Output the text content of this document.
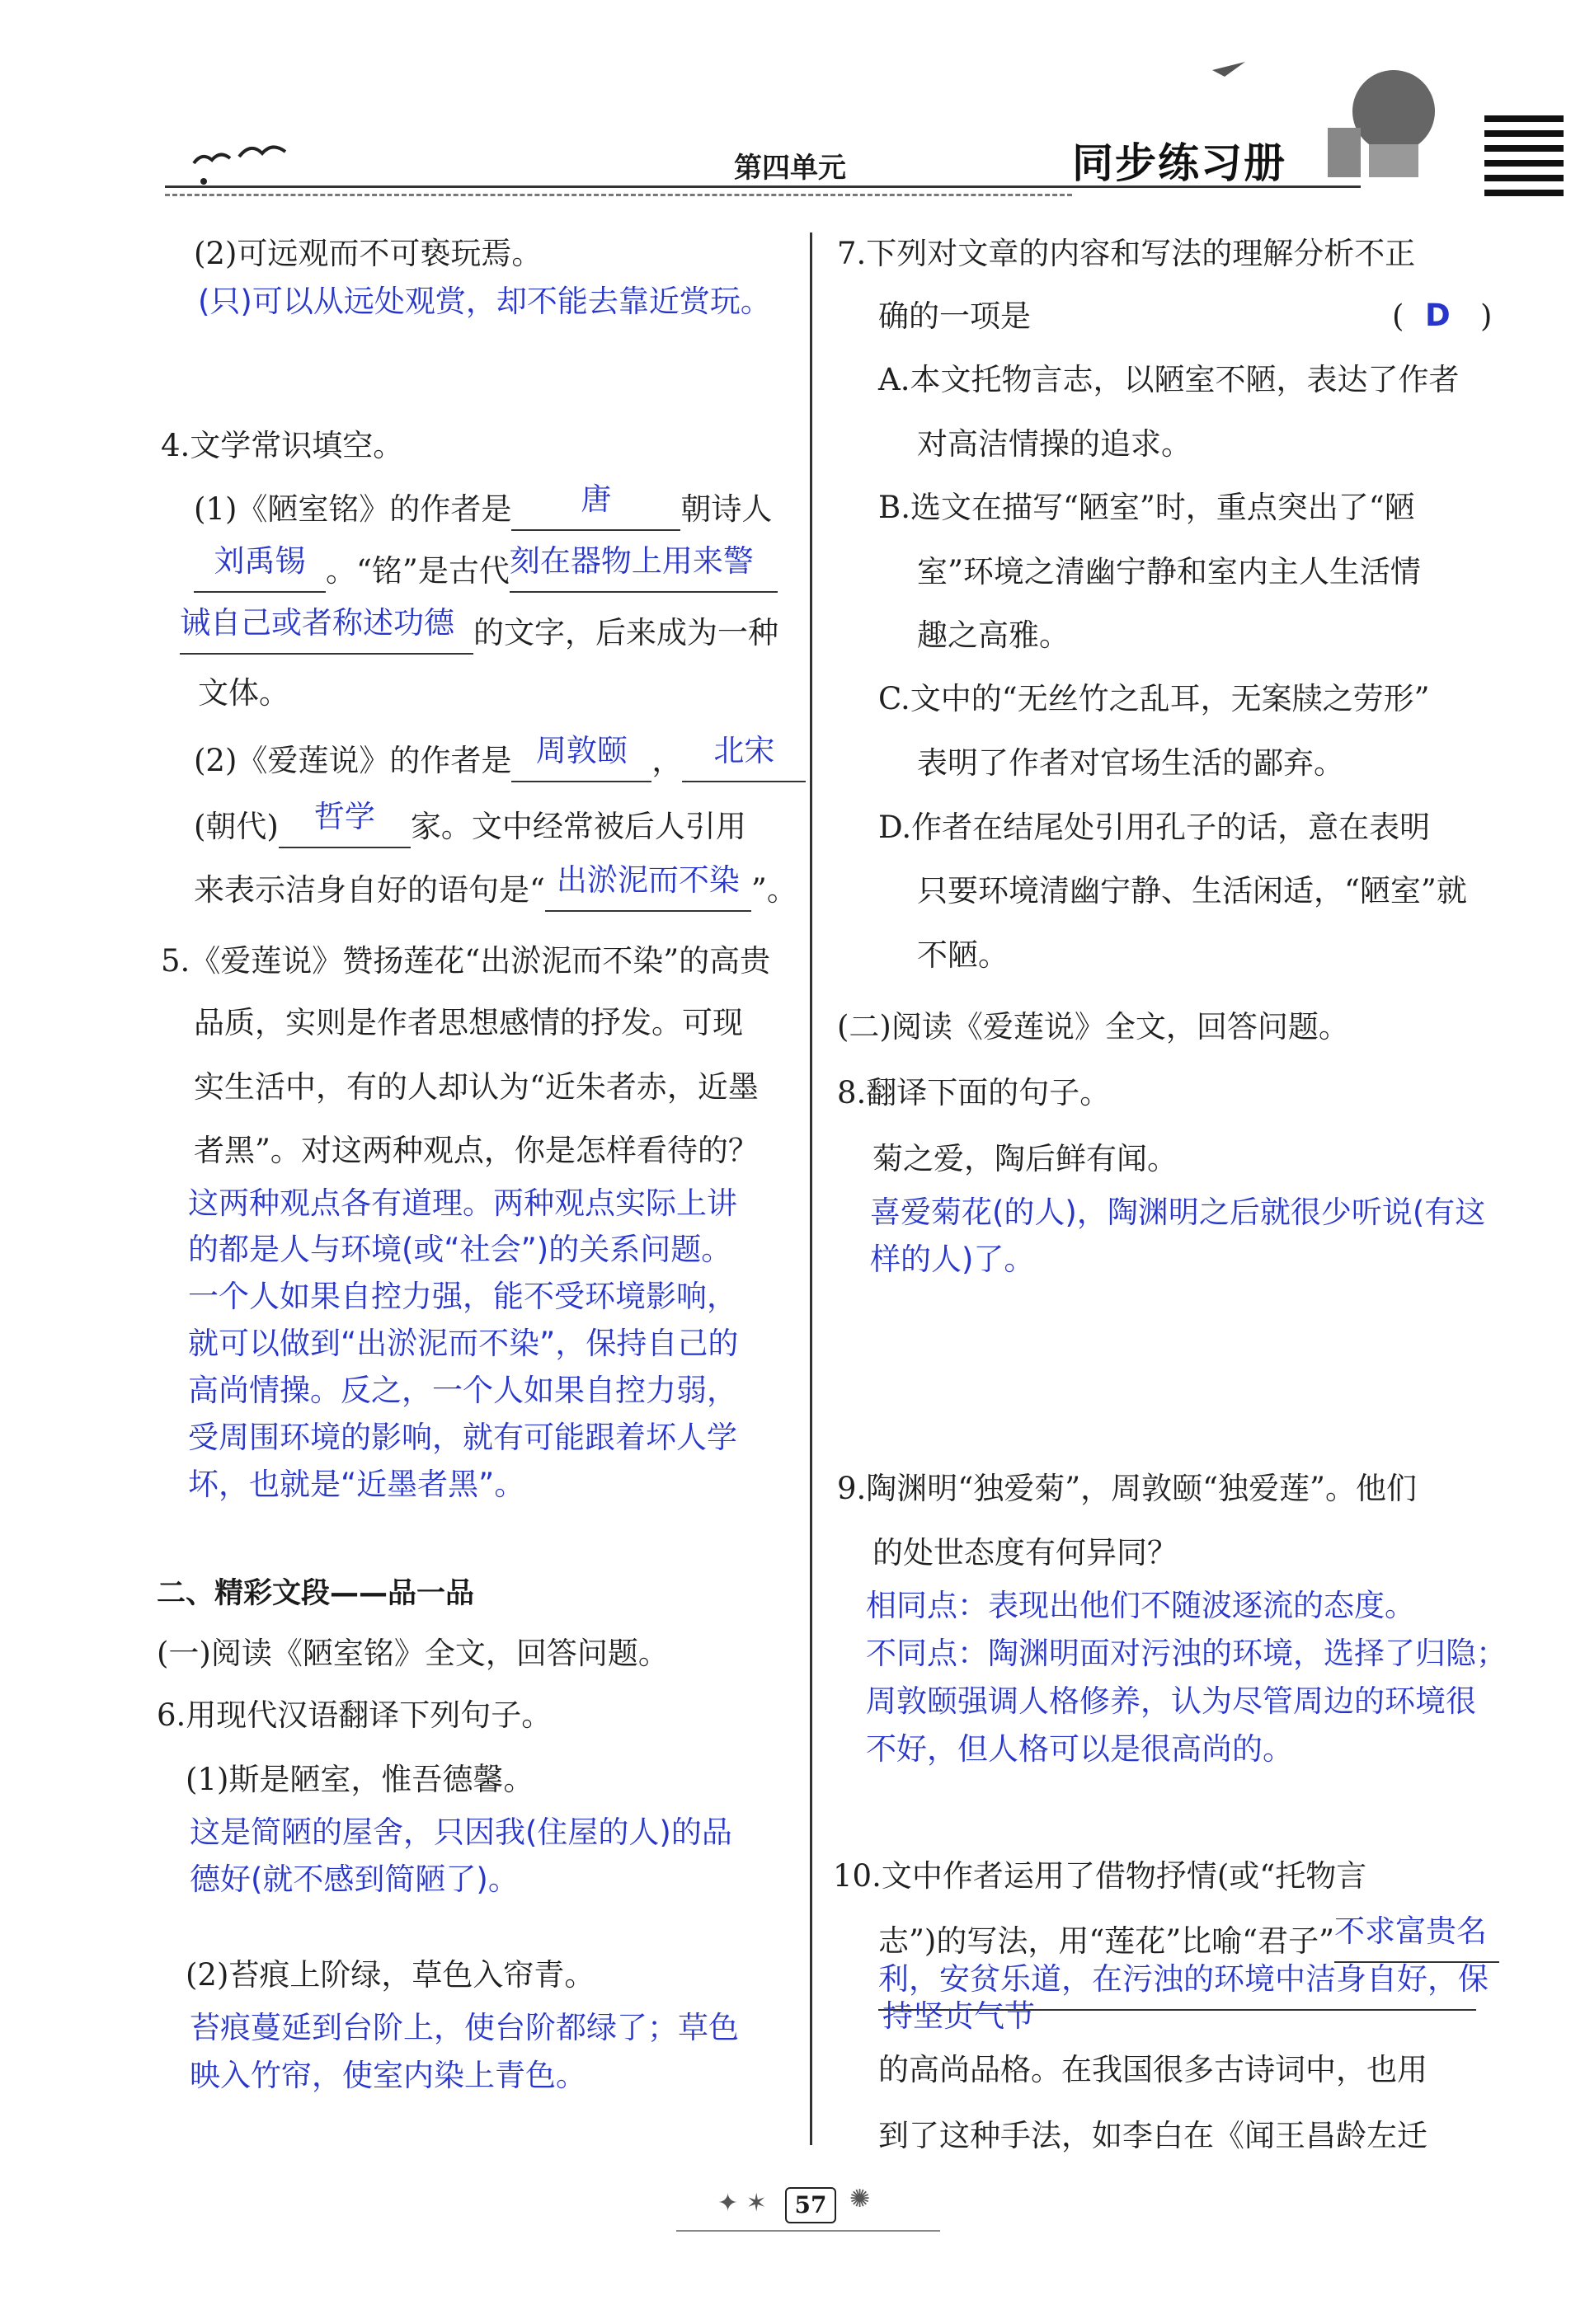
第四单元	同步练习册
(2)可远观而不可亵玩焉。
(只)可以从远处观赏，却不能去靠近赏玩。
4.文学常识填空。
(1)《陋室铭》的作者是 唐 朝诗人
刘禹锡 。“铭”是古代刻在器物上用来警
诫自己或者称述功德 的文字，后来成为一种
文体。
(2)《爱莲说》的作者是 周敦颐 ， 北宋
(朝代) 哲学 家。文中经常被后人引用
来表示洁身自好的语句是“ 出淤泥而不染 ”。
5.《爱莲说》赞扬莲花“出淤泥而不染”的高贵
品质，实则是作者思想感情的抒发。可现
实生活中，有的人却认为“近朱者赤，近墨
者黑”。对这两种观点，你是怎样看待的？
这两种观点各有道理。两种观点实际上讲
的都是人与环境(或“社会”)的关系问题。
一个人如果自控力强，能不受环境影响，
就可以做到“出淤泥而不染”，保持自己的
高尚情操。反之，一个人如果自控力弱，
受周围环境的影响，就有可能跟着坏人学
坏，也就是“近墨者黑”。
二、精彩文段——品一品
(一)阅读《陋室铭》全文，回答问题。
6.用现代汉语翻译下列句子。
(1)斯是陋室，惟吾德馨。
这是简陋的屋舍，只因我(住屋的人)的品
德好(就不感到简陋了)。
(2)苔痕上阶绿，草色入帘青。
苔痕蔓延到台阶上，使台阶都绿了；草色
映入竹帘，使室内染上青色。
7.下列对文章的内容和写法的理解分析不正
确的一项是	( D )
A.本文托物言志，以陋室不陋，表达了作者
对高洁情操的追求。
B.选文在描写“陋室”时，重点突出了“陋
室”环境之清幽宁静和室内主人生活情
趣之高雅。
C.文中的“无丝竹之乱耳，无案牍之劳形”
表明了作者对官场生活的鄙弃。
D.作者在结尾处引用孔子的话，意在表明
只要环境清幽宁静、生活闲适，“陋室”就
不陋。
(二)阅读《爱莲说》全文，回答问题。
8.翻译下面的句子。
菊之爱，陶后鲜有闻。
喜爱菊花(的人)，陶渊明之后就很少听说(有这
样的人)了。
9.陶渊明“独爱菊”，周敦颐“独爱莲”。他们
的处世态度有何异同？
相同点：表现出他们不随波逐流的态度。
不同点：陶渊明面对污浊的环境，选择了归隐；
周敦颐强调人格修养，认为尽管周边的环境很
不好，但人格可以是很高尚的。
10.文中作者运用了借物抒情(或“托物言
志”)的写法，用“莲花”比喻“君子”不求富贵名
利，安贫乐道，在污浊的环境中洁身自好，保
持坚贞气节
的高尚品格。在我国很多古诗词中，也用
到了这种手法，如李白在《闻王昌龄左迁
✦ ✶	57 ✺
